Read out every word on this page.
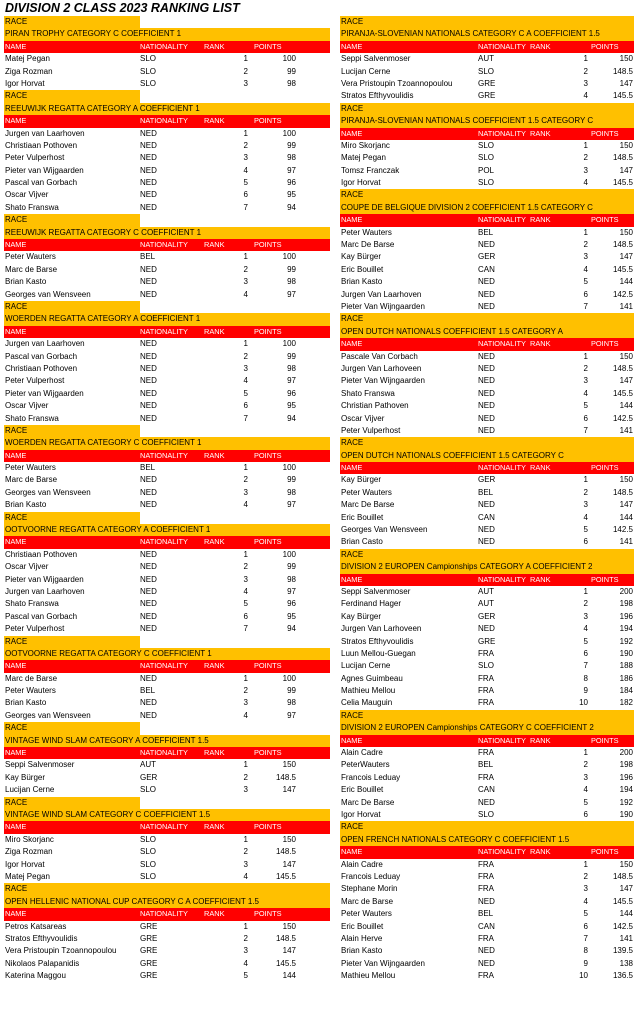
DIVISION 2 CLASS 2023 RANKING LIST
RACE
PIRAN TROPHY CATEGORY C COEFFICIENT 1
NAME	NATIONALITY RANK	POINTS
Matej Pegan	SLO	1	100
Ziga Rozman	SLO	2	99
Igor Horvat	SLO	3	98
RACE
REEUWIJK REGATTA CATEGORY A COEFFICIENT 1
NAME	NATIONALITY RANK	POINTS
Jurgen van Laarhoven	NED	1	100
Christiaan Pothoven	NED	2	99
Peter Vulperhost	NED	3	98
Pieter van Wijgaarden	NED	4	97
Pascal van Gorbach	NED	5	96
Oscar Vijver	NED	6	95
Shato Franswa	NED	7	94
RACE
REEUWIJK REGATTA CATEGORY C COEFFICIENT 1
NAME	NATIONALITY RANK	POINTS
Peter Wauters	BEL	1	100
Marc de Barse	NED	2	99
Brian Kasto	NED	3	98
Georges van Wensveen	NED	4	97
RACE
WOERDEN REGATTA CATEGORY A COEFFICIENT 1
NAME	NATIONALITY RANK	POINTS
Jurgen van Laarhoven	NED	1	100
Pascal van Gorbach	NED	2	99
Christiaan Pothoven	NED	3	98
Peter Vulperhost	NED	4	97
Pieter van Wijgaarden	NED	5	96
Oscar Vijver	NED	6	95
Shato Franswa	NED	7	94
RACE
WOERDEN REGATTA CATEGORY C COEFFICIENT 1
NAME	NATIONALITY RANK	POINTS
Peter Wauters	BEL	1	100
Marc de Barse	NED	2	99
Georges van Wensveen	NED	3	98
Brian Kasto	NED	4	97
RACE
OOTVOORNE REGATTA CATEGORY A COEFFICIENT 1
NAME	NATIONALITY RANK	POINTS
Christiaan Pothoven	NED	1	100
Oscar Vijver	NED	2	99
Pieter van Wijgaarden	NED	3	98
Jurgen van Laarhoven	NED	4	97
Shato Franswa	NED	5	96
Pascal van Gorbach	NED	6	95
Peter Vulperhost	NED	7	94
RACE
OOTVOORNE REGATTA CATEGORY C COEFFICIENT 1
NAME	NATIONALITY RANK	POINTS
Marc de Barse	NED	1	100
Peter Wauters	BEL	2	99
Brian Kasto	NED	3	98
Georges van Wensveen	NED	4	97
RACE
VINTAGE WIND SLAM CATEGORY A COEFFICIENT 1.5
NAME	NATIONALITY RANK	POINTS
Seppi Salvenmoser	AUT	1	150
Kay Bürger	GER	2	148.5
Lucijan Cerne	SLO	3	147
RACE
VINTAGE WIND SLAM CATEGORY C COEFFICIENT 1.5
NAME	NATIONALITY RANK	POINTS
Miro Skorjanc	SLO	1	150
Ziga Rozman	SLO	2	148.5
Igor Horvat	SLO	3	147
Matej Pegan	SLO	4	145.5
RACE
OPEN HELLENIC NATIONAL CUP CATEGORY C A COEFFICIENT 1.5
NAME	NATIONALITY RANK	POINTS
Petros Katsareas	GRE	1	150
Stratos Efthyvoulidis	GRE	2	148.5
Vera Pristoupin Tzoannopoulou	GRE	3	147
Nikolaos Palapanidis	GRE	4	145.5
Katerina Maggou	GRE	5	144
RACE
PIRANJA-SLOVENIAN NATIONALS CATEGORY C A COEFFICIENT 1.5
NAME	NATIONALITY RANK	POINTS
Seppi Salvenmoser	AUT	1	150
Lucijan Cerne	SLO	2	148.5
Vera Pristoupin Tzoannopoulou	GRE	3	147
Stratos Efthyvoulidis	GRE	4	145.5
RACE
PIRANJA-SLOVENIAN NATIONALS COEFFICIENT 1.5 CATEGORY C
NAME	NATIONALITY RANK	POINTS
Miro Skorjanc	SLO	1	150
Matej Pegan	SLO	2	148.5
Tomsz Franczak	POL	3	147
Igor Horvat	SLO	4	145.5
RACE
COUPE DE BELGIQUE DIVISION 2 COEFFICIENT 1.5 CATEGORY C
NAME	NATIONALITY RANK	POINTS
Peter Wauters	BEL	1	150
Marc De Barse	NED	2	148.5
Kay Bürger	GER	3	147
Eric Bouillet	CAN	4	145.5
Brian Kasto	NED	5	144
Jurgen Van Laarhoven	NED	6	142.5
Pieter Van Wijngaarden	NED	7	141
RACE
OPEN DUTCH NATIONALS COEFFICIENT 1.5 CATEGORY A
NAME	NATIONALITY RANK	POINTS
Pascale Van Corbach	NED	1	150
Jurgen Van Larhoveen	NED	2	148.5
Pieter Van Wijngaarden	NED	3	147
Shato Franswa	NED	4	145.5
Christian Pathoven	NED	5	144
Oscar Vijver	NED	6	142.5
Peter Vulperhost	NED	7	141
RACE
OPEN DUTCH NATIONALS COEFFICIENT 1.5 CATEGORY C
NAME	NATIONALITY RANK	POINTS
Kay Bürger	GER	1	150
Peter Wauters	BEL	2	148.5
Marc De Barse	NED	3	147
Eric Bouillet	CAN	4	144
Georges Van Wensveen	NED	5	142.5
Brian Casto	NED	6	141
RACE
DIVISION 2 EUROPEN Campionships CATEGORY A COEFFICIENT 2
NAME	NATIONALITY RANK	POINTS
Seppi Salvenmoser	AUT	1	200
Ferdinand Hager	AUT	2	198
Kay Bürger	GER	3	196
Jurgen Van Larhoveen	NED	4	194
Stratos Efthyvoulidis	GRE	5	192
Luun Mellou-Guegan	FRA	6	190
Lucijan Cerne	SLO	7	188
Agnes Guimbeau	FRA	8	186
Mathieu Mellou	FRA	9	184
Celia Mauguin	FRA	10	182
RACE
DIVISION 2 EUROPEN Campionships CATEGORY C COEFFICIENT 2
NAME	NATIONALITY RANK	POINTS
Alain Cadre	FRA	1	200
PeterWauters	BEL	2	198
Francois Leduay	FRA	3	196
Eric Bouillet	CAN	4	194
Marc De Barse	NED	5	192
Igor Horvat	SLO	6	190
RACE
OPEN FRENCH NATIONALS CATEGORY C COEFFICIENT 1.5
NAME	NATIONALITY RANK	POINTS
Alain Cadre	FRA	1	150
Francois Leduay	FRA	2	148.5
Stephane Morin	FRA	3	147
Marc de Barse	NED	4	145.5
Peter Wauters	BEL	5	144
Eric Bouillet	CAN	6	142.5
Alain Herve	FRA	7	141
Brian Kasto	NED	8	139.5
Pieter Van Wijngaarden	NED	9	138
Mathieu Mellou	FRA	10	136.5
